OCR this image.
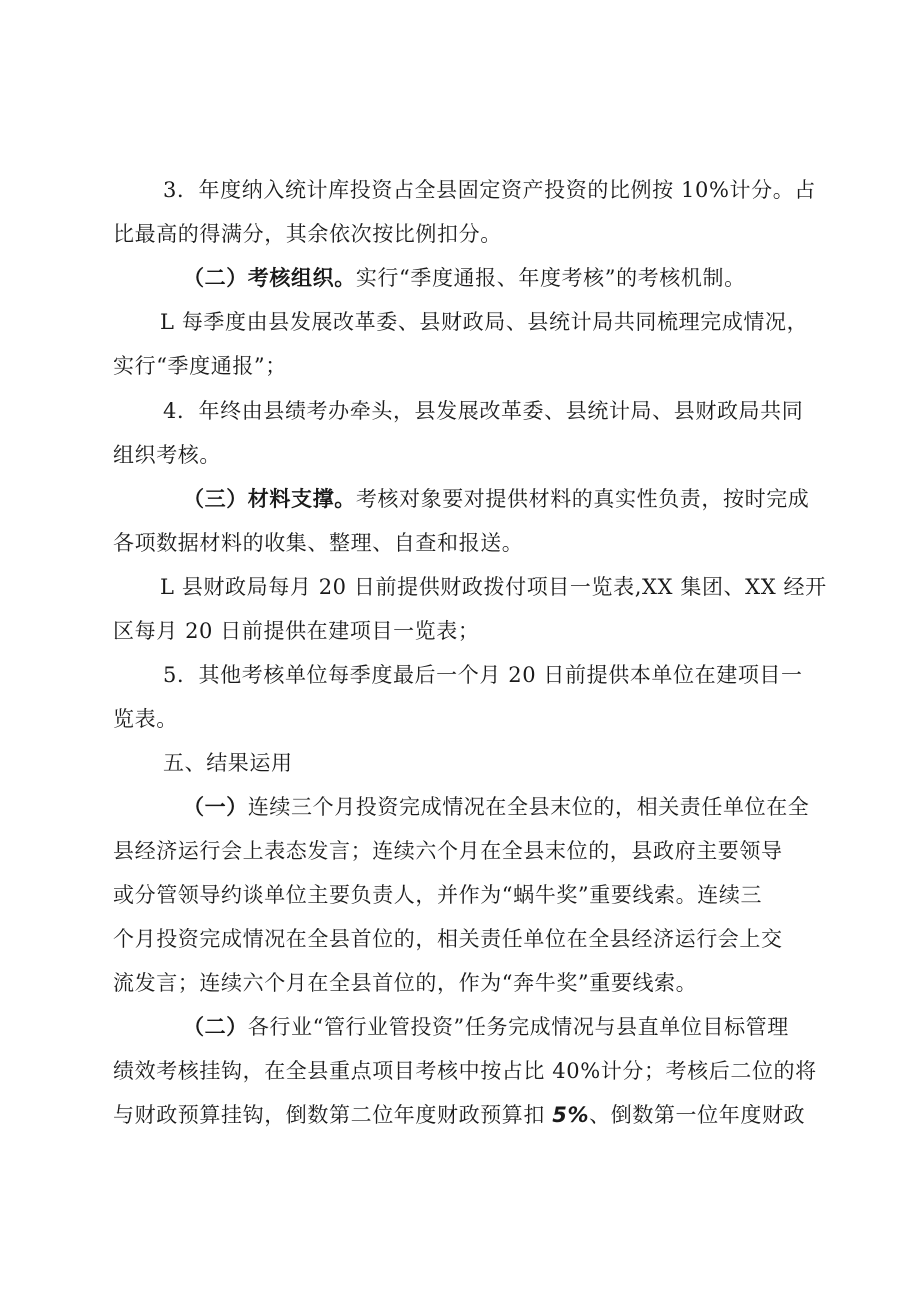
3．年度纳入统计库投资占全县固定资产投资的比例按 10%计分。占
比最高的得满分，其余依次按比例扣分。
（二）考核组织。实行“季度通报、年度考核”的考核机制。
L 每季度由县发展改革委、县财政局、县统计局共同梳理完成情况，
实行“季度通报”；
4．年终由县绩考办牵头，县发展改革委、县统计局、县财政局共同
组织考核。
（三）材料支撑。考核对象要对提供材料的真实性负责，按时完成
各项数据材料的收集、整理、自查和报送。
L 县财政局每月 20 日前提供财政拨付项目一览表,XX 集团、XX 经开
区每月 20 日前提供在建项目一览表；
5．其他考核单位每季度最后一个月 20 日前提供本单位在建项目一
览表。
五、结果运用
（一）连续三个月投资完成情况在全县末位的，相关责任单位在全
县经济运行会上表态发言；连续六个月在全县末位的，县政府主要领导
或分管领导约谈单位主要负责人，并作为“蜗牛奖”重要线索。连续三
个月投资完成情况在全县首位的，相关责任单位在全县经济运行会上交
流发言；连续六个月在全县首位的，作为“奔牛奖”重要线索。
（二）各行业“管行业管投资”任务完成情况与县直单位目标管理
绩效考核挂钩，在全县重点项目考核中按占比 40%计分；考核后二位的将
与财政预算挂钩，倒数第二位年度财政预算扣 5%、倒数第一位年度财政
